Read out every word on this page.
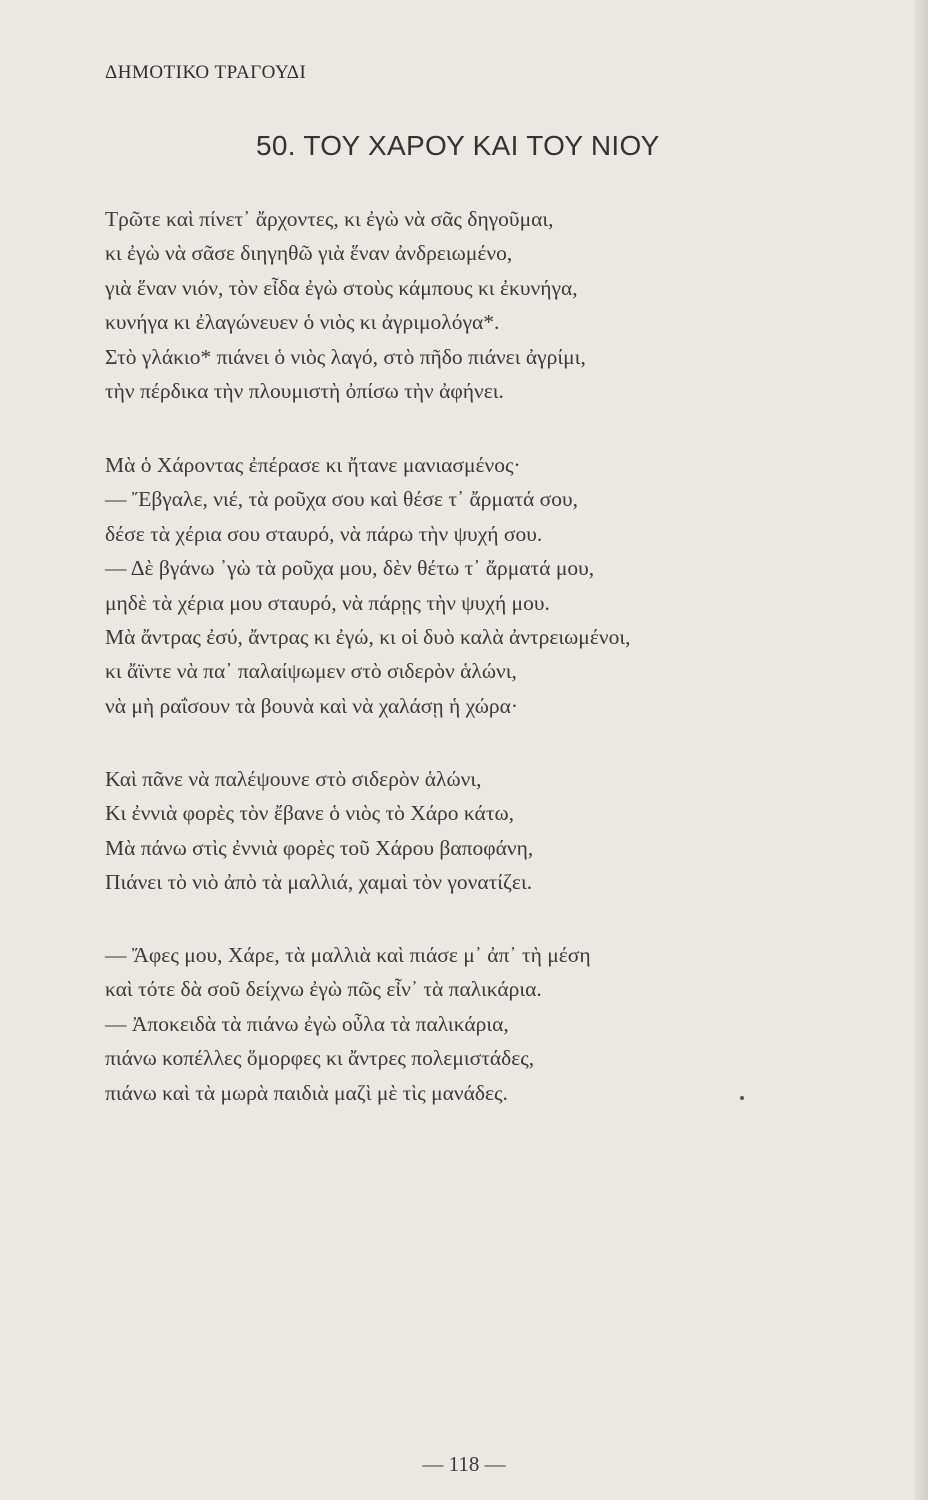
ΔΗΜΟΤΙΚΟ ΤΡΑΓΟΥΔΙ
50. ΤΟΥ ΧΑΡΟΥ ΚΑΙ ΤΟΥ ΝΙΟΥ
Τρῶτε καὶ πίνετ᾽ ἄρχοντες, κι ἐγὼ νὰ σᾶς δηγοῦμαι,
κι ἐγὼ νὰ σᾶσε διηγηθῶ γιὰ ἕναν ἀνδρειωμένο,
γιὰ ἕναν νιόν, τὸν εἶδα ἐγὼ στοὺς κάμπους κι ἐκυνήγα,
κυνήγα κι ἐλαγώνευεν ὁ νιὸς κι ἀγριμολόγα*.
Στὸ γλάκιο* πιάνει ὁ νιὸς λαγό, στὸ πῆδο πιάνει ἀγρίμι,
τὴν πέρδικα τὴν πλουμιστὴ ὀπίσω τὴν ἀφήνει.
Μὰ ὁ Χάροντας ἐπέρασε κι ἤτανε μανιασμένος·
— Ἔβγαλε, νιέ, τὰ ροῦχα σου καὶ θέσε τ᾽ ἄρματά σου,
δέσε τὰ χέρια σου σταυρό, νὰ πάρω τὴν ψυχή σου.
— Δὲ βγάνω ᾽γὼ τὰ ροῦχα μου, δὲν θέτω τ᾽ ἄρματά μου,
μηδὲ τὰ χέρια μου σταυρό, νὰ πάρῃς τὴν ψυχή μου.
Μὰ ἄντρας ἐσύ, ἄντρας κι ἐγώ, κι οἱ δυὸ καλὰ ἀντρειωμένοι,
κι ἄϊντε νὰ πα᾽ παλαίψωμεν στὸ σιδερὸν ἁλώνι,
νὰ μὴ ραΐσουν τὰ βουνὰ καὶ νὰ χαλάσῃ ἡ χώρα·
Καὶ πᾶνε νὰ παλέψουνε στὸ σιδερὸν ἁλώνι,
Κι ἐννιὰ φορὲς τὸν ἔβανε ὁ νιὸς τὸ Χάρο κάτω,
Μὰ πάνω στὶς ἐννιὰ φορὲς τοῦ Χάρου βαποφάνη,
Πιάνει τὸ νιὸ ἀπὸ τὰ μαλλιά, χαμαὶ τὸν γονατίζει.
— Ἄφες μου, Χάρε, τὰ μαλλιὰ καὶ πιάσε μ᾽ ἀπ᾽ τὴ μέση
καὶ τότε δὰ σοῦ δείχνω ἐγὼ πῶς εἶν᾽ τὰ παλικάρια.
— Ἀποκειδὰ τὰ πιάνω ἐγὼ οὖλα τὰ παλικάρια,
πιάνω κοπέλλες ὅμορφες κι ἄντρες πολεμιστάδες,
πιάνω καὶ τὰ μωρὰ παιδιὰ μαζὶ μὲ τὶς μανάδες.
— 118 —
